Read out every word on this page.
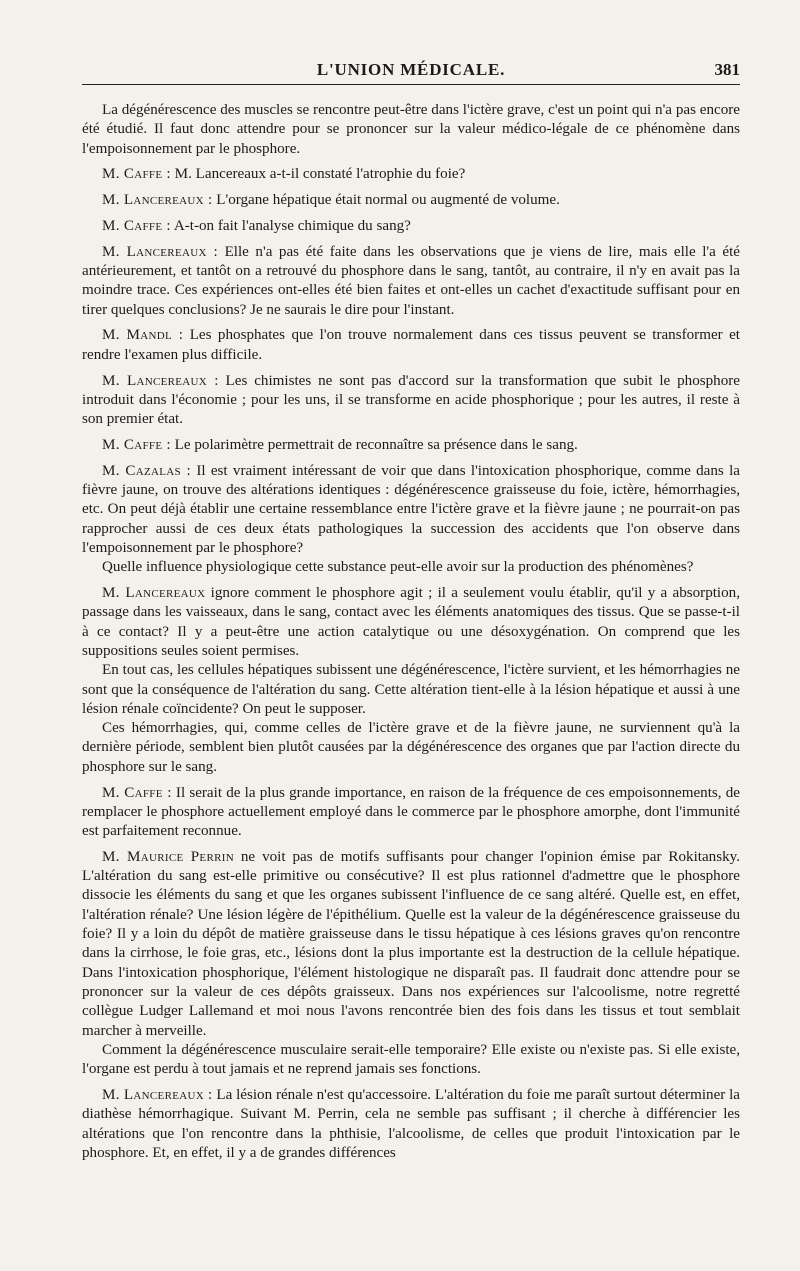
L'UNION MÉDICALE.	381

La dégénérescence des muscles se rencontre peut-être dans l'ictère grave, c'est un point qui n'a pas encore été étudié. Il faut donc attendre pour se prononcer sur la valeur médico-légale de ce phénomène dans l'empoisonnement par le phosphore.

M. Caffe : M. Lancereaux a-t-il constaté l'atrophie du foie?

M. Lancereaux : L'organe hépatique était normal ou augmenté de volume.

M. Caffe : A-t-on fait l'analyse chimique du sang?

M. Lancereaux : Elle n'a pas été faite dans les observations que je viens de lire, mais elle l'a été antérieurement, et tantôt on a retrouvé du phosphore dans le sang, tantôt, au contraire, il n'y en avait pas la moindre trace. Ces expériences ont-elles été bien faites et ont-elles un cachet d'exactitude suffisant pour en tirer quelques conclusions? Je ne saurais le dire pour l'instant.

M. Mandl : Les phosphates que l'on trouve normalement dans ces tissus peuvent se transformer et rendre l'examen plus difficile.

M. Lancereaux : Les chimistes ne sont pas d'accord sur la transformation que subit le phosphore introduit dans l'économie ; pour les uns, il se transforme en acide phosphorique ; pour les autres, il reste à son premier état.

M. Caffe : Le polarimètre permettrait de reconnaître sa présence dans le sang.

M. Cazalas : Il est vraiment intéressant de voir que dans l'intoxication phosphorique, comme dans la fièvre jaune, on trouve des altérations identiques : dégénérescence graisseuse du foie, ictère, hémorrhagies, etc. On peut déjà établir une certaine ressemblance entre l'ictère grave et la fièvre jaune ; ne pourrait-on pas rapprocher aussi de ces deux états pathologiques la succession des accidents que l'on observe dans l'empoisonnement par le phosphore?

Quelle influence physiologique cette substance peut-elle avoir sur la production des phénomènes?

M. Lancereaux ignore comment le phosphore agit ; il a seulement voulu établir, qu'il y a absorption, passage dans les vaisseaux, dans le sang, contact avec les éléments anatomiques des tissus. Que se passe-t-il à ce contact? Il y a peut-être une action catalytique ou une désoxygénation. On comprend que les suppositions seules soient permises.

En tout cas, les cellules hépatiques subissent une dégénérescence, l'ictère survient, et les hémorrhagies ne sont que la conséquence de l'altération du sang. Cette altération tient-elle à la lésion hépatique et aussi à une lésion rénale coïncidente? On peut le supposer.

Ces hémorrhagies, qui, comme celles de l'ictère grave et de la fièvre jaune, ne surviennent qu'à la dernière période, semblent bien plutôt causées par la dégénérescence des organes que par l'action directe du phosphore sur le sang.

M. Caffe : Il serait de la plus grande importance, en raison de la fréquence de ces empoisonnements, de remplacer le phosphore actuellement employé dans le commerce par le phosphore amorphe, dont l'immunité est parfaitement reconnue.

M. Maurice Perrin ne voit pas de motifs suffisants pour changer l'opinion émise par Rokitansky. L'altération du sang est-elle primitive ou consécutive? Il est plus rationnel d'admettre que le phosphore dissocie les éléments du sang et que les organes subissent l'influence de ce sang altéré. Quelle est, en effet, l'altération rénale? Une lésion légère de l'épithélium. Quelle est la valeur de la dégénérescence graisseuse du foie? Il y a loin du dépôt de matière graisseuse dans le tissu hépatique à ces lésions graves qu'on rencontre dans la cirrhose, le foie gras, etc., lésions dont la plus importante est la destruction de la cellule hépatique. Dans l'intoxication phosphorique, l'élément histologique ne disparaît pas. Il faudrait donc attendre pour se prononcer sur la valeur de ces dépôts graisseux. Dans nos expériences sur l'alcoolisme, notre regretté collègue Ludger Lallemand et moi nous l'avons rencontrée bien des fois dans les tissus et tout semblait marcher à merveille.

Comment la dégénérescence musculaire serait-elle temporaire? Elle existe ou n'existe pas. Si elle existe, l'organe est perdu à tout jamais et ne reprend jamais ses fonctions.

M. Lancereaux : La lésion rénale n'est qu'accessoire. L'altération du foie me paraît surtout déterminer la diathèse hémorrhagique. Suivant M. Perrin, cela ne semble pas suffisant ; il cherche à différencier les altérations que l'on rencontre dans la phthisie, l'alcoolisme, de celles que produit l'intoxication par le phosphore. Et, en effet, il y a de grandes différences
